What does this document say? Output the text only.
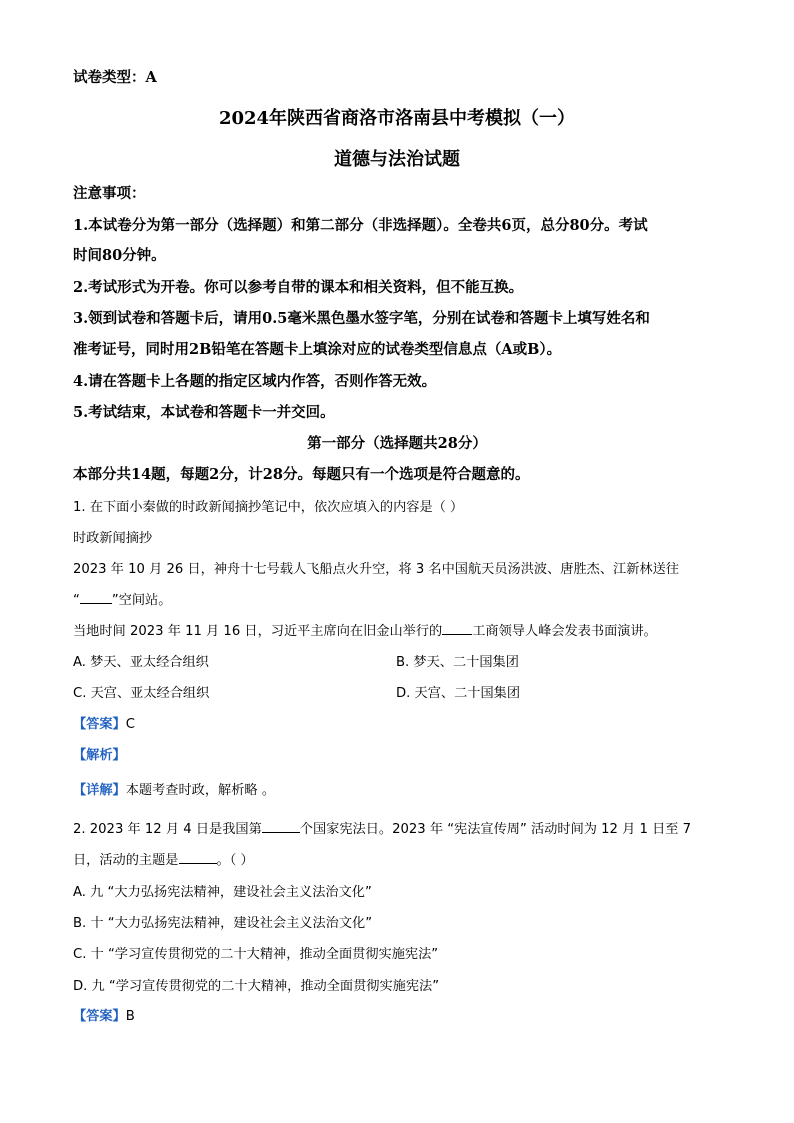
试卷类型：A
2024年陕西省商洛市洛南县中考模拟（一）
道德与法治试题
注意事项：
1.本试卷分为第一部分（选择题）和第二部分（非选择题）。全卷共6页，总分80分。考试
时间80分钟。
2.考试形式为开卷。你可以参考自带的课本和相关资料，但不能互换。
3.领到试卷和答题卡后，请用0.5毫米黑色墨水签字笔，分别在试卷和答题卡上填写姓名和
准考证号，同时用2B铅笔在答题卡上填涂对应的试卷类型信息点（A或B）。
4.请在答题卡上各题的指定区域内作答，否则作答无效。
5.考试结束，本试卷和答题卡一并交回。
第一部分（选择题共28分）
本部分共14题，每题2分，计28分。每题只有一个选项是符合题意的。
1. 在下面小秦做的时政新闻摘抄笔记中，依次应填入的内容是（ ）
时政新闻摘抄
2023 年 10 月 26 日，神舟十七号载人飞船点火升空，将 3 名中国航天员汤洪波、唐胜杰、江新林送往
“ ”空间站。
当地时间 2023 年 11 月 16 日，习近平主席向在旧金山举行的 工商领导人峰会发表书面演讲。
A. 梦天、亚太经合组织	B. 梦天、二十国集团
C. 天宫、亚太经合组织	D. 天宫、二十国集团
【答案】C
【解析】
【详解】本题考查时政，解析略 。
2. 2023 年 12 月 4 日是我国第	个国家宪法日。2023 年 “宪法宣传周” 活动时间为 12 月 1 日至 7
日，活动的主题是	。（ ）
A. 九 “大力弘扬宪法精神，建设社会主义法治文化”
B. 十 “大力弘扬宪法精神，建设社会主义法治文化”
C. 十 “学习宣传贯彻党的二十大精神，推动全面贯彻实施宪法”
D. 九 “学习宣传贯彻党的二十大精神，推动全面贯彻实施宪法”
【答案】B
